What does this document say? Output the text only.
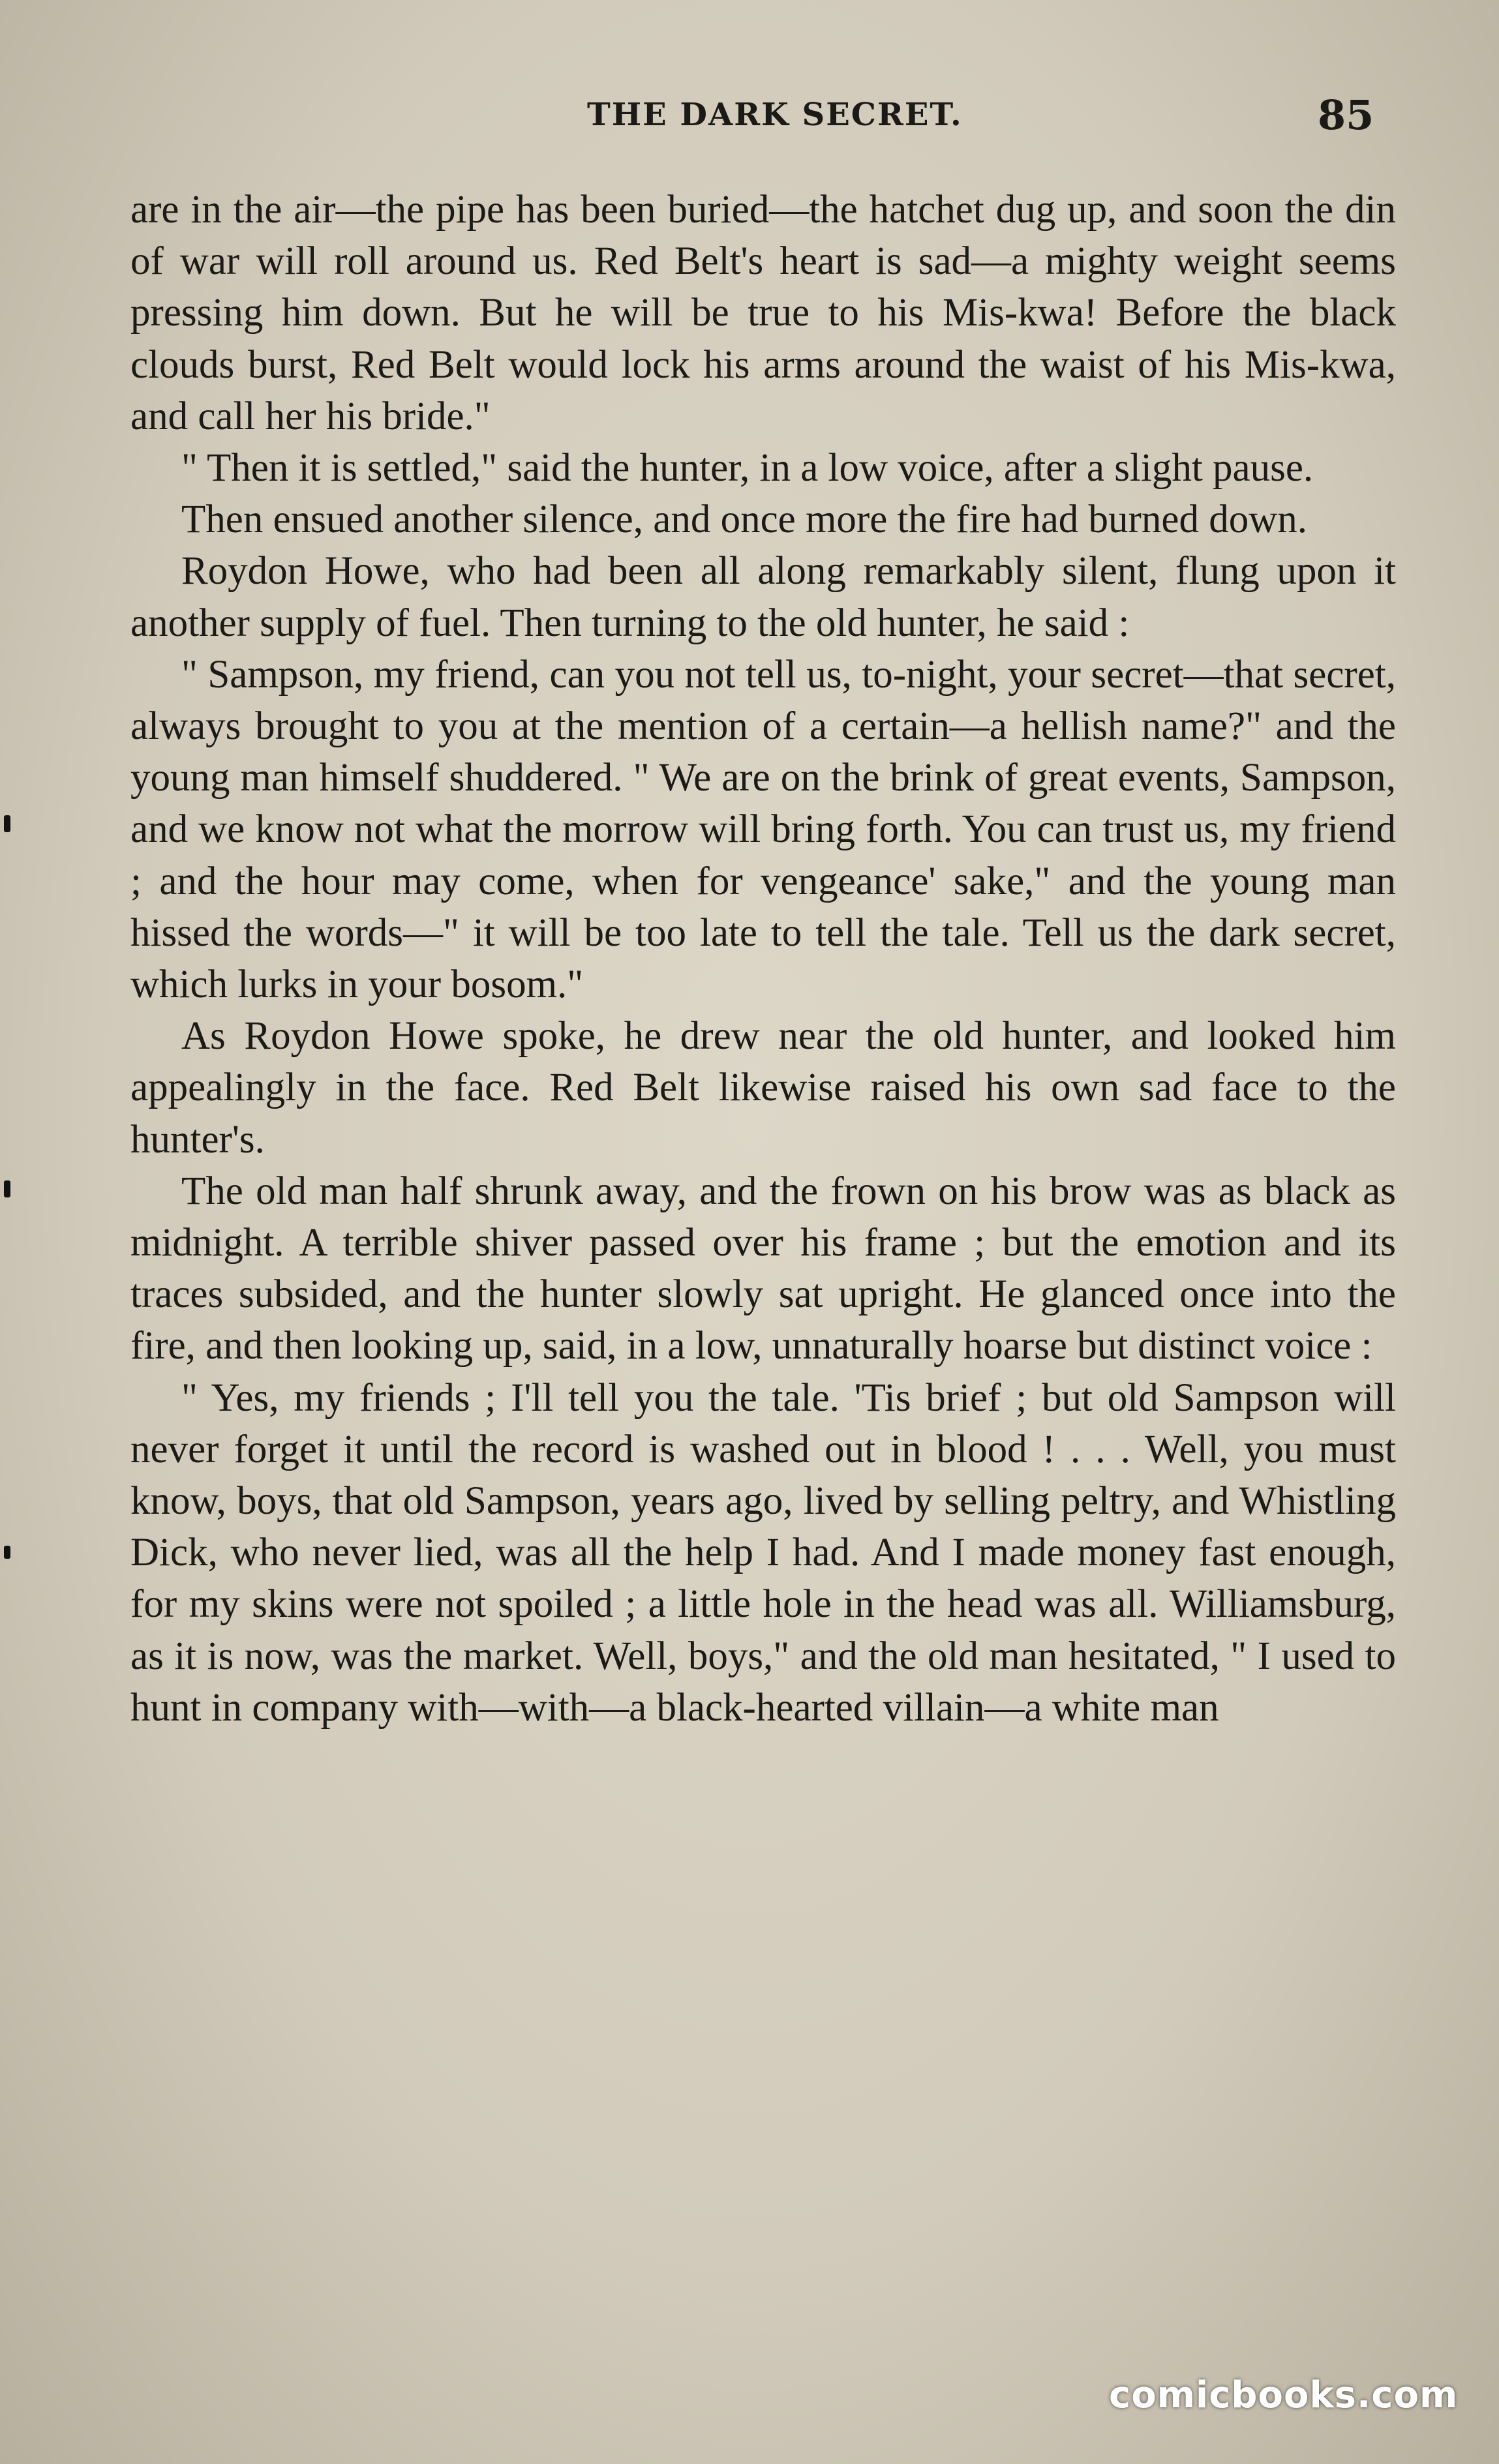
THE DARK SECRET.	85

are in the air—the pipe has been buried—the hatchet dug up, and soon the din of war will roll around us. Red Belt's heart is sad—a mighty weight seems pressing him down. But he will be true to his Mis-kwa! Before the black clouds burst, Red Belt would lock his arms around the waist of his Mis-kwa, and call her his bride."

" Then it is settled," said the hunter, in a low voice, after a slight pause.

Then ensued another silence, and once more the fire had burned down.

Roydon Howe, who had been all along remarkably silent, flung upon it another supply of fuel. Then turning to the old hunter, he said :

" Sampson, my friend, can you not tell us, to-night, your secret—that secret, always brought to you at the mention of a certain—a hellish name?" and the young man himself shuddered. " We are on the brink of great events, Sampson, and we know not what the morrow will bring forth. You can trust us, my friend ; and the hour may come, when for vengeance' sake," and the young man hissed the words—" it will be too late to tell the tale. Tell us the dark secret, which lurks in your bosom."

As Roydon Howe spoke, he drew near the old hunter, and looked him appealingly in the face. Red Belt likewise raised his own sad face to the hunter's.

The old man half shrunk away, and the frown on his brow was as black as midnight. A terrible shiver passed over his frame ; but the emotion and its traces subsided, and the hunter slowly sat upright. He glanced once into the fire, and then looking up, said, in a low, unnaturally hoarse but distinct voice :

" Yes, my friends ; I'll tell you the tale. 'Tis brief ; but old Sampson will never forget it until the record is washed out in blood ! . . . Well, you must know, boys, that old Sampson, years ago, lived by selling peltry, and Whistling Dick, who never lied, was all the help I had. And I made money fast enough, for my skins were not spoiled ; a little hole in the head was all. Williamsburg, as it is now, was the market. Well, boys," and the old man hesitated, " I used to hunt in company with—with—a black-hearted villain—a white man

comicbooks.com
